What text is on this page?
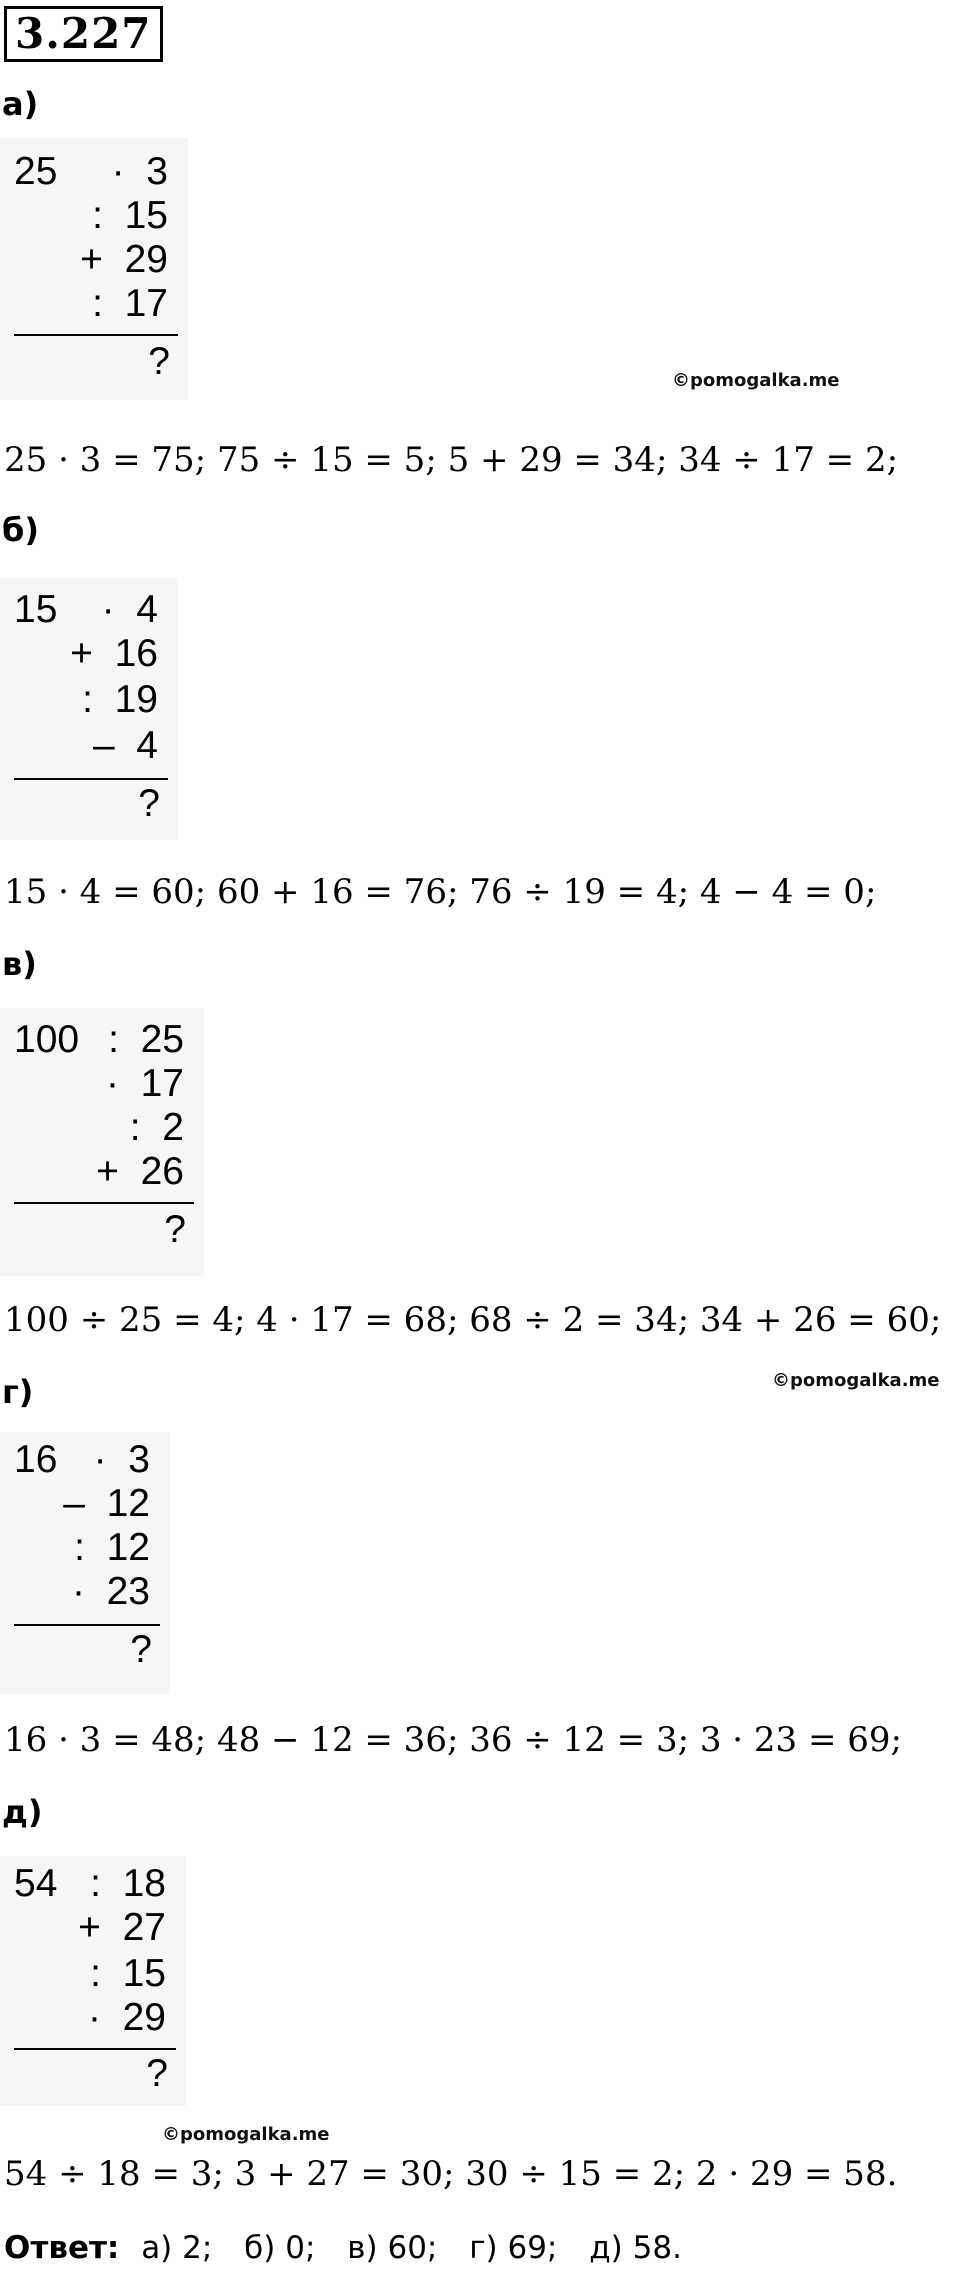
3.227
а)
25 ·  3
:  15
+  29
:  17
?	©pomogalka.me
25 · 3 = 75; 75 ÷ 15 = 5; 5 + 29 = 34; 34 ÷ 17 = 2;
б)
15 ·  4
+  16
:  19
–  4
?
15 · 4 = 60; 60 + 16 = 76; 76 ÷ 19 = 4; 4 − 4 = 0;
в)
100 :  25
·  17
:  2
+  26
?
100 ÷ 25 = 4; 4 · 17 = 68; 68 ÷ 2 = 34; 34 + 26 = 60;
г)	©pomogalka.me
16 ·  3
–  12
:  12
·  23
?
16 · 3 = 48; 48 − 12 = 36; 36 ÷ 12 = 3; 3 · 23 = 69;
д)
54 :  18
+  27
:  15
·  29
?
©pomogalka.me
54 ÷ 18 = 3; 3 + 27 = 30; 30 ÷ 15 = 2; 2 · 29 = 58.
Ответ: а) 2; б) 0; в) 60; г) 69; д) 58.
